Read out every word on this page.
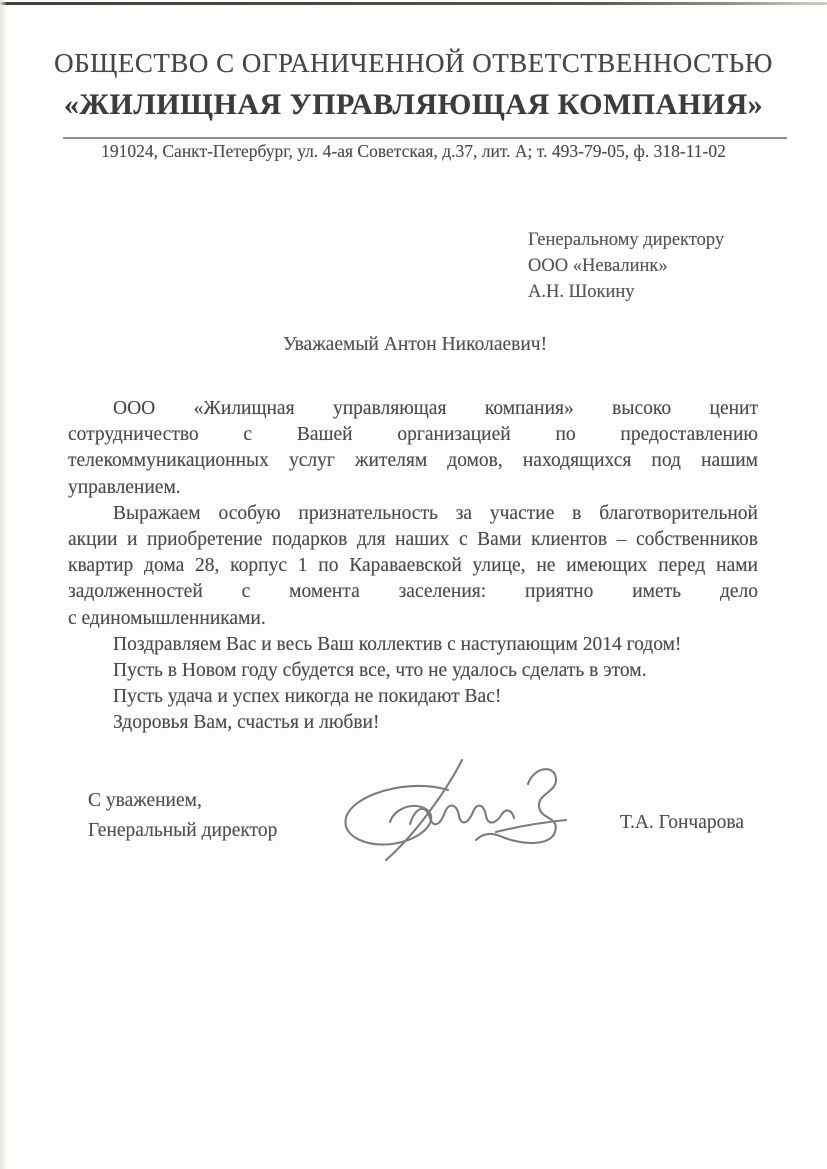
ОБЩЕСТВО С ОГРАНИЧЕННОЙ ОТВЕТСТВЕННОСТЬЮ
«ЖИЛИЩНАЯ УПРАВЛЯЮЩАЯ КОМПАНИЯ»
191024, Санкт-Петербург, ул. 4-ая Советская, д.37, лит. А; т. 493-79-05, ф. 318-11-02
Генеральному директору
ООО «Невалинк»
А.Н. Шокину
Уважаемый Антон Николаевич!
ООО «Жилищная управляющая компания» высоко ценит
сотрудничество с Вашей организацией по предоставлению
телекоммуникационных услуг жителям домов, находящихся под нашим
управлением.
Выражаем особую признательность за участие в благотворительной
акции и приобретение подарков для наших с Вами клиентов – собственников
квартир дома 28, корпус 1 по Караваевской улице, не имеющих перед нами
задолженностей с момента заселения: приятно иметь дело
с единомышленниками.
Поздравляем Вас и весь Ваш коллектив с наступающим 2014 годом!
Пусть в Новом году сбудется все, что не удалось сделать в этом.
Пусть удача и успех никогда не покидают Вас!
Здоровья Вам, счастья и любви!
С уважением,
Генеральный директор	Т.А. Гончарова
